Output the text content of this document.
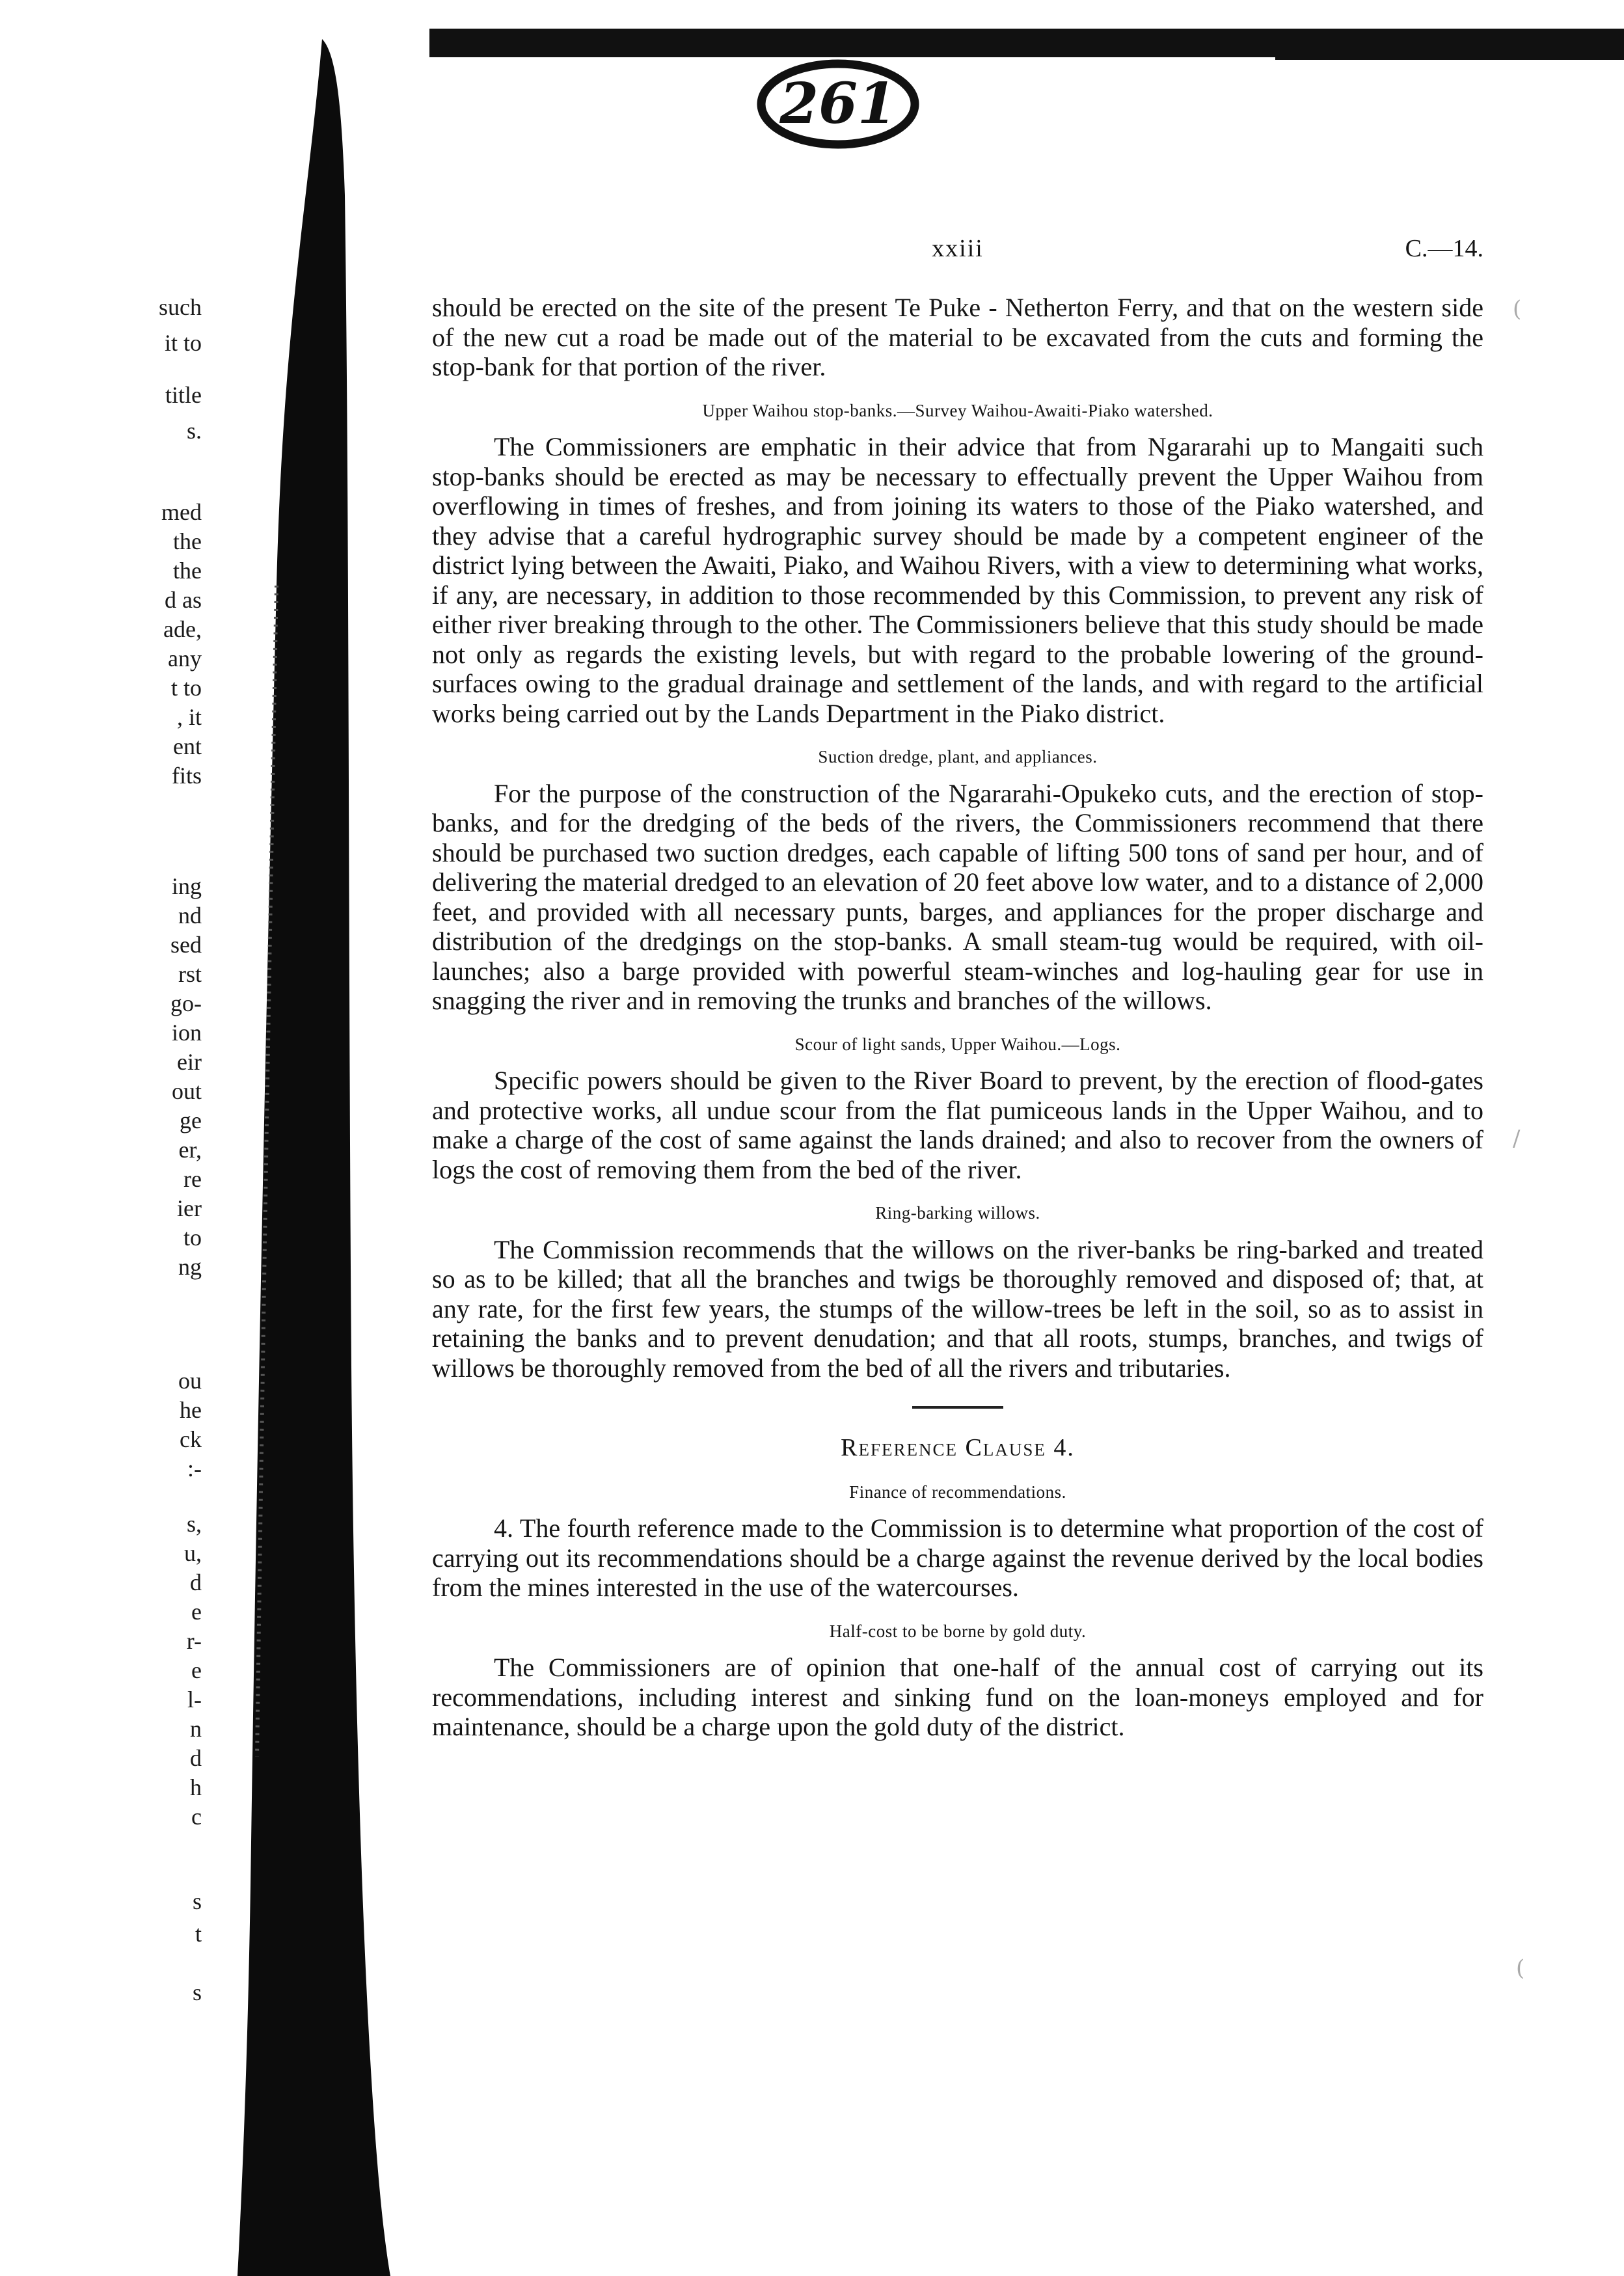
261
such
it to
title
s.
med
the
the
d as
ade,
any
t to
, it
ent
fits
ing
nd
sed
rst
go-
ion
eir
out
ge
er,
re
ier
to
ng
ou
he
ck
:-
s,
u,
d
e
r-
e
l-
n
d
h
c
s
t
s
xxiii	C.—14.

should be erected on the site of the present Te Puke - Netherton Ferry, and that on the western side of the new cut a road be made out of the material to be excavated from the cuts and forming the stop-bank for that portion of the river.

Upper Waihou stop-banks.—Survey Waihou-Awaiti-Piako watershed.

The Commissioners are emphatic in their advice that from Ngararahi up to Mangaiti such stop-banks should be erected as may be necessary to effectually prevent the Upper Waihou from overflowing in times of freshes, and from joining its waters to those of the Piako watershed, and they advise that a careful hydrographic survey should be made by a competent engineer of the district lying between the Awaiti, Piako, and Waihou Rivers, with a view to determining what works, if any, are necessary, in addition to those recommended by this Commission, to prevent any risk of either river breaking through to the other. The Commissioners believe that this study should be made not only as regards the existing levels, but with regard to the probable lowering of the ground-surfaces owing to the gradual drainage and settlement of the lands, and with regard to the artificial works being carried out by the Lands Department in the Piako district.

Suction dredge, plant, and appliances.

For the purpose of the construction of the Ngararahi-Opukeko cuts, and the erection of stop-banks, and for the dredging of the beds of the rivers, the Commissioners recommend that there should be purchased two suction dredges, each capable of lifting 500 tons of sand per hour, and of delivering the material dredged to an elevation of 20 feet above low water, and to a distance of 2,000 feet, and provided with all necessary punts, barges, and appliances for the proper discharge and distribution of the dredgings on the stop-banks. A small steam-tug would be required, with oil-launches; also a barge provided with powerful steam-winches and log-hauling gear for use in snagging the river and in removing the trunks and branches of the willows.

Scour of light sands, Upper Waihou.—Logs.

Specific powers should be given to the River Board to prevent, by the erection of flood-gates and protective works, all undue scour from the flat pumiceous lands in the Upper Waihou, and to make a charge of the cost of same against the lands drained; and also to recover from the owners of logs the cost of removing them from the bed of the river.

Ring-barking willows.

The Commission recommends that the willows on the river-banks be ring-barked and treated so as to be killed; that all the branches and twigs be thoroughly removed and disposed of; that, at any rate, for the first few years, the stumps of the willow-trees be left in the soil, so as to assist in retaining the banks and to prevent denudation; and that all roots, stumps, branches, and twigs of willows be thoroughly removed from the bed of all the rivers and tributaries.

Reference Clause 4.
Finance of recommendations.

4. The fourth reference made to the Commission is to determine what proportion of the cost of carrying out its recommendations should be a charge against the revenue derived by the local bodies from the mines interested in the use of the watercourses.

Half-cost to be borne by gold duty.

The Commissioners are of opinion that one-half of the annual cost of carrying out its recommendations, including interest and sinking fund on the loan-moneys employed and for maintenance, should be a charge upon the gold duty of the district.

(
/
(
